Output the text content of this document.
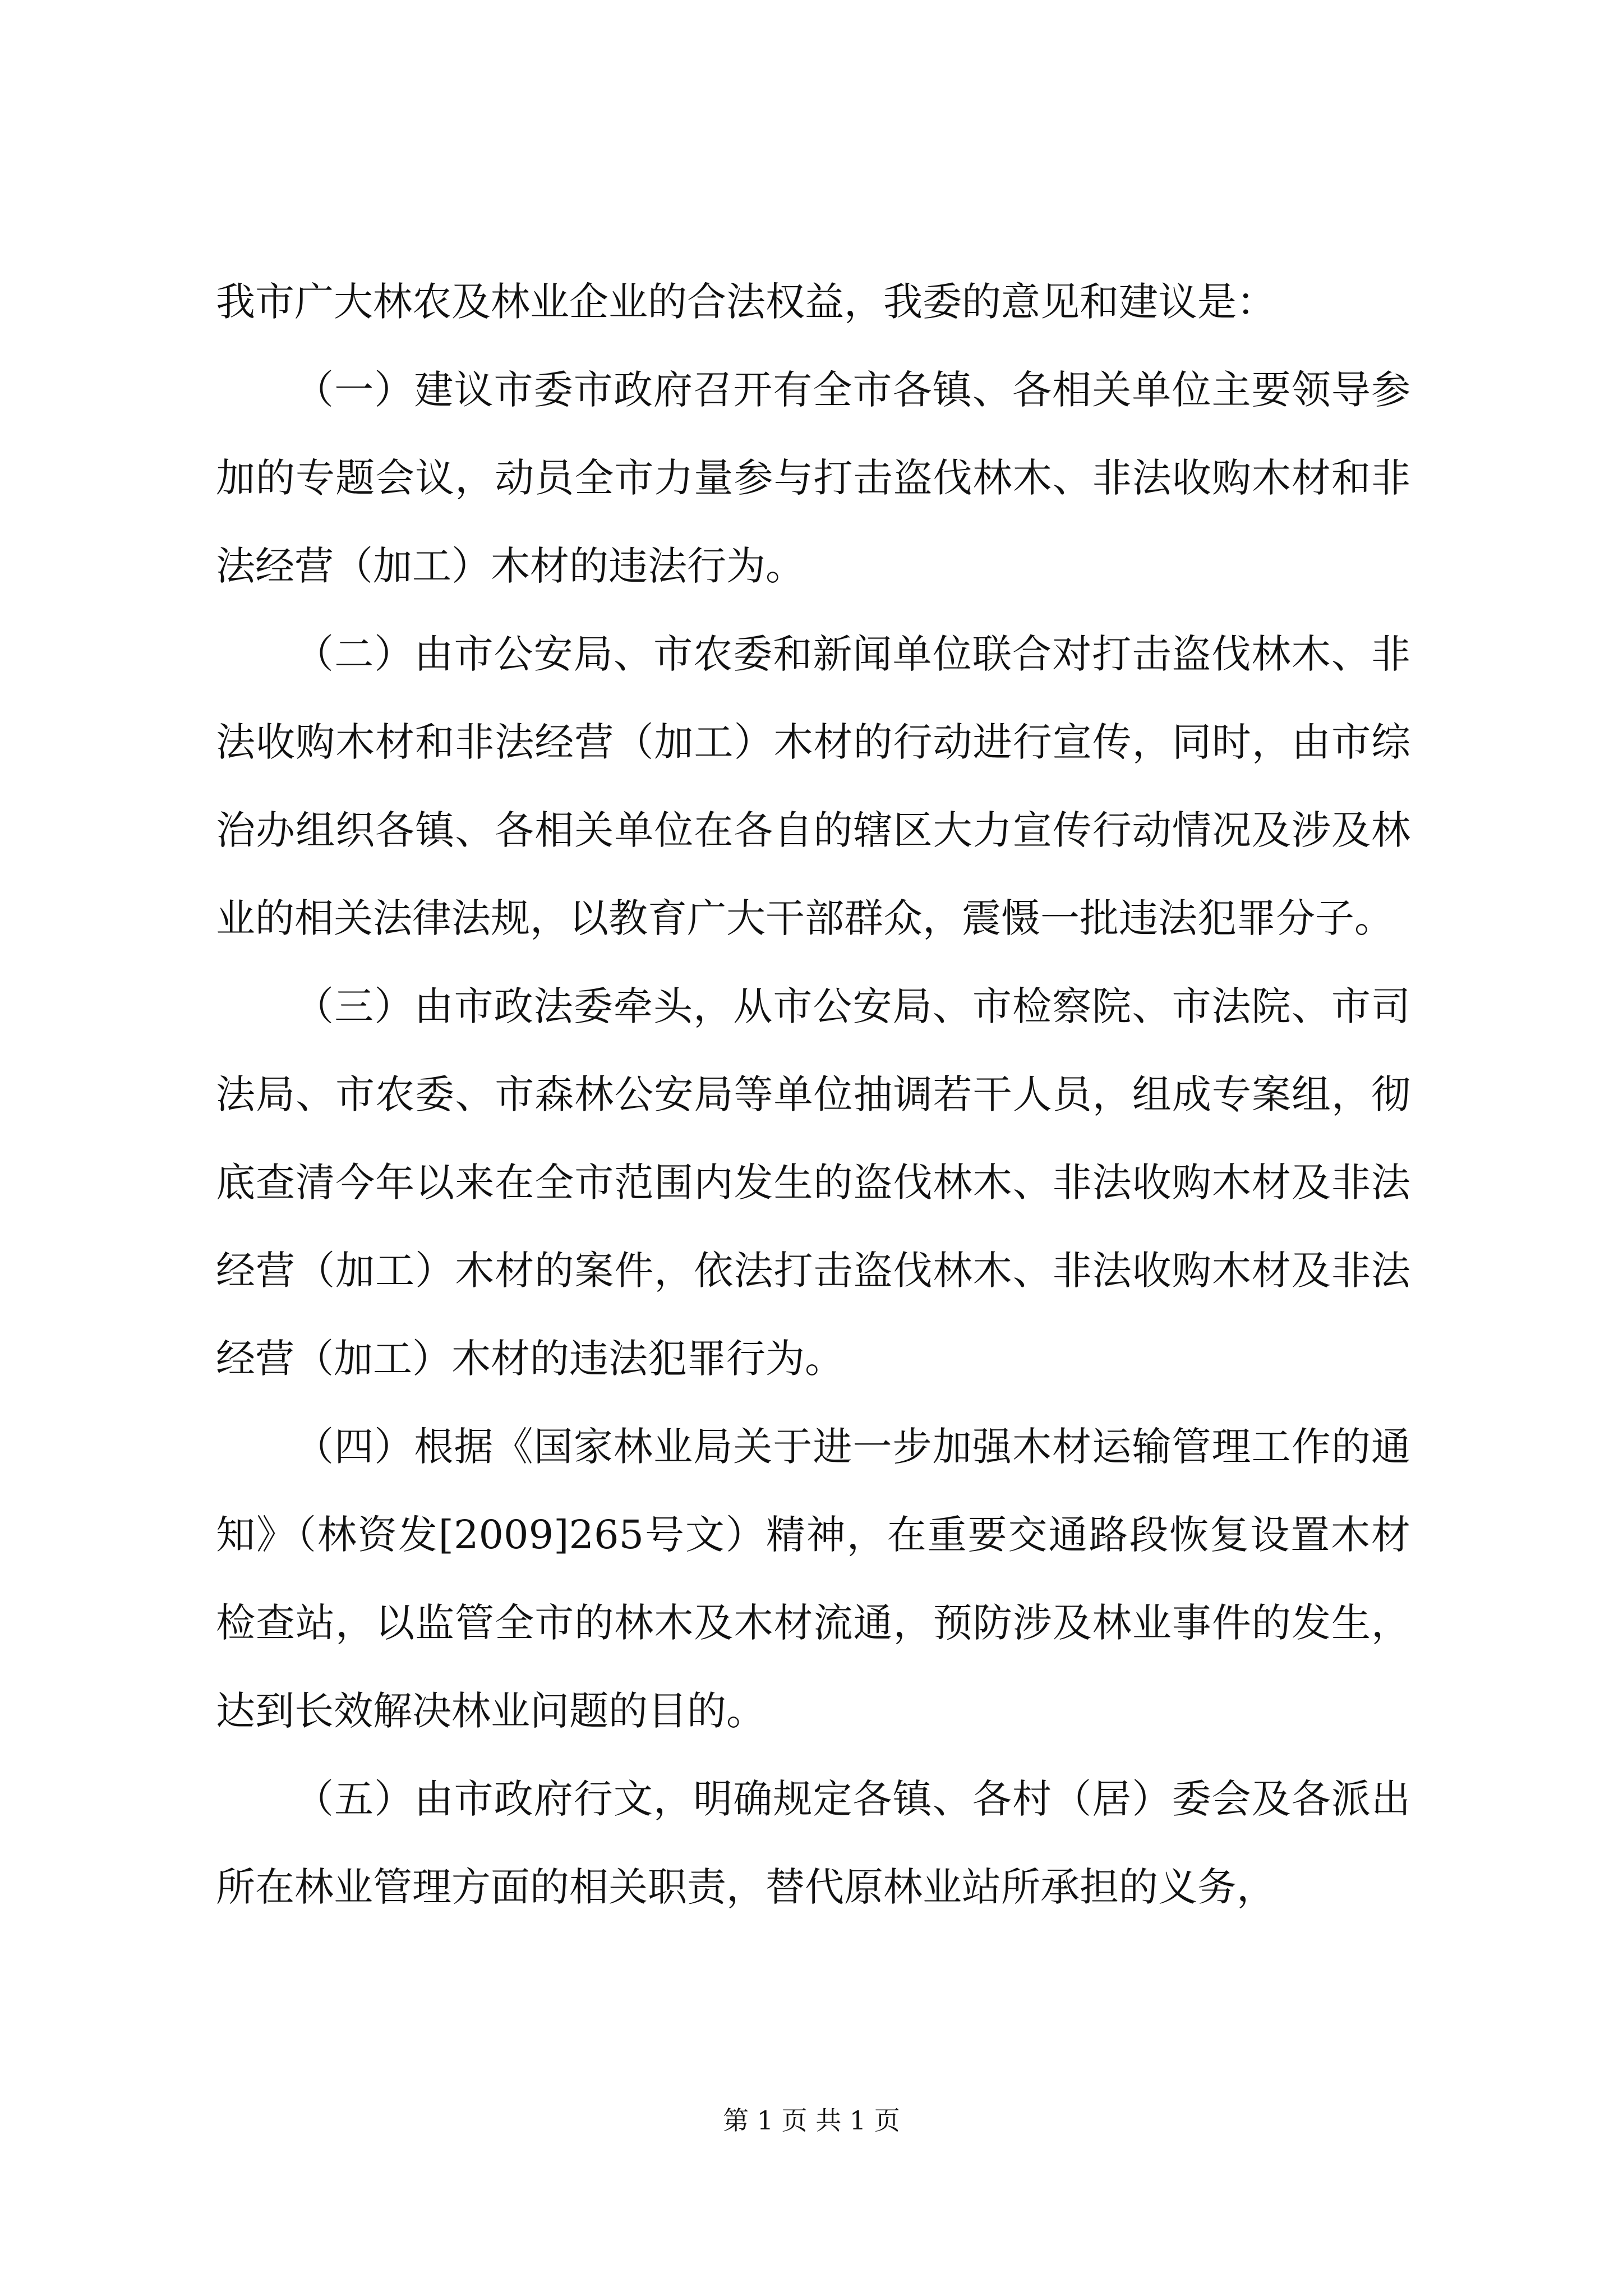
我市广大林农及林业企业的合法权益，我委的意见和建议是：

（一）建议市委市政府召开有全市各镇、各相关单位主要领导参加的专题会议，动员全市力量参与打击盗伐林木、非法收购木材和非法经营（加工）木材的违法行为。

（二）由市公安局、市农委和新闻单位联合对打击盗伐林木、非法收购木材和非法经营（加工）木材的行动进行宣传，同时，由市综治办组织各镇、各相关单位在各自的辖区大力宣传行动情况及涉及林业的相关法律法规，以教育广大干部群众，震慑一批违法犯罪分子。

（三）由市政法委牵头，从市公安局、市检察院、市法院、市司法局、市农委、市森林公安局等单位抽调若干人员，组成专案组，彻底查清今年以来在全市范围内发生的盗伐林木、非法收购木材及非法经营（加工）木材的案件，依法打击盗伐林木、非法收购木材及非法经营（加工）木材的违法犯罪行为。

（四）根据《国家林业局关于进一步加强木材运输管理工作的通知》（林资发[2009]265号文）精神，在重要交通路段恢复设置木材检查站，以监管全市的林木及木材流通，预防涉及林业事件的发生，达到长效解决林业问题的目的。

（五）由市政府行文，明确规定各镇、各村（居）委会及各派出所在林业管理方面的相关职责，替代原林业站所承担的义务，

第 1 页 共 1 页
